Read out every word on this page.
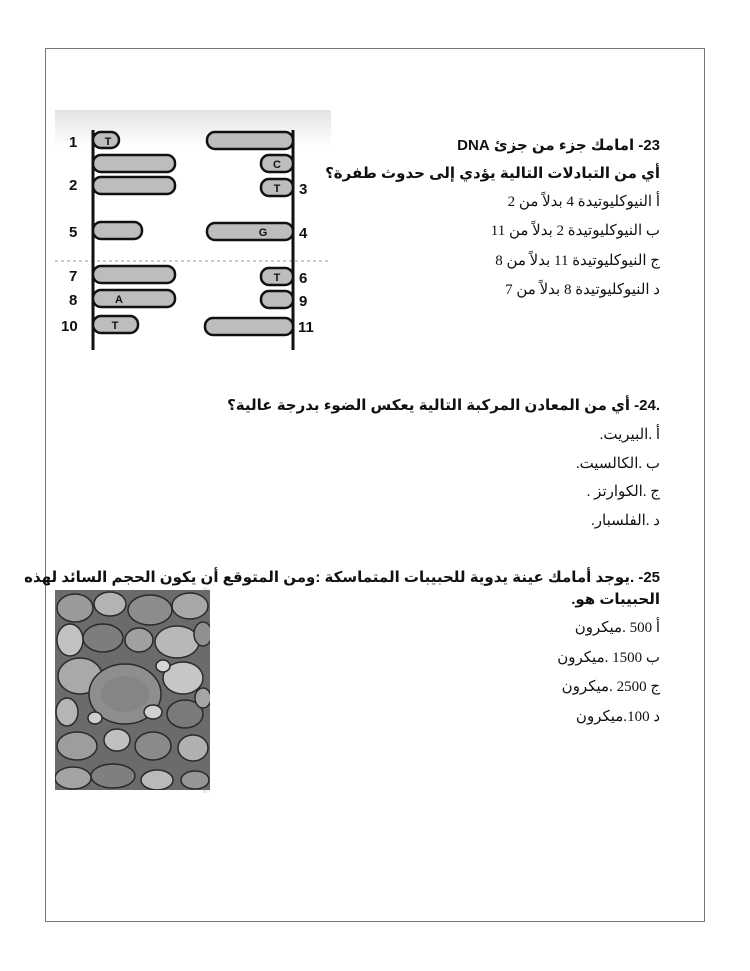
T
C
T
G
T
A
T
1
2	3
4
5
6
7
8	9
10	11
23- امامك جزء من جزئ DNA
أي من التبادلات التالية يؤدي إلى حدوث طفرة؟
أ النيوكليوتيدة 4 بدلاً من 2
ب النيوكليوتيدة 2 بدلاً من 11
ج النيوكليوتيدة 11 بدلاً من 8
د النيوكليوتيدة 8 بدلاً من 7
.24- أي من المعادن المركبة التالية يعكس الضوء بدرجة عالية؟
أ .البيريت.
ب .الكالسيت.
ج .الكوارتز .
د .الفلسبار.
25- .يوجد أمامك عينة يدوية للحبيبات المتماسكة :ومن المتوقع أن يكون الحجم السائد لهذه
الحبيبات هو.
أ 500 .ميكرون
ب 1500 .ميكرون
ج 2500 .ميكرون
د 100.ميكرون
